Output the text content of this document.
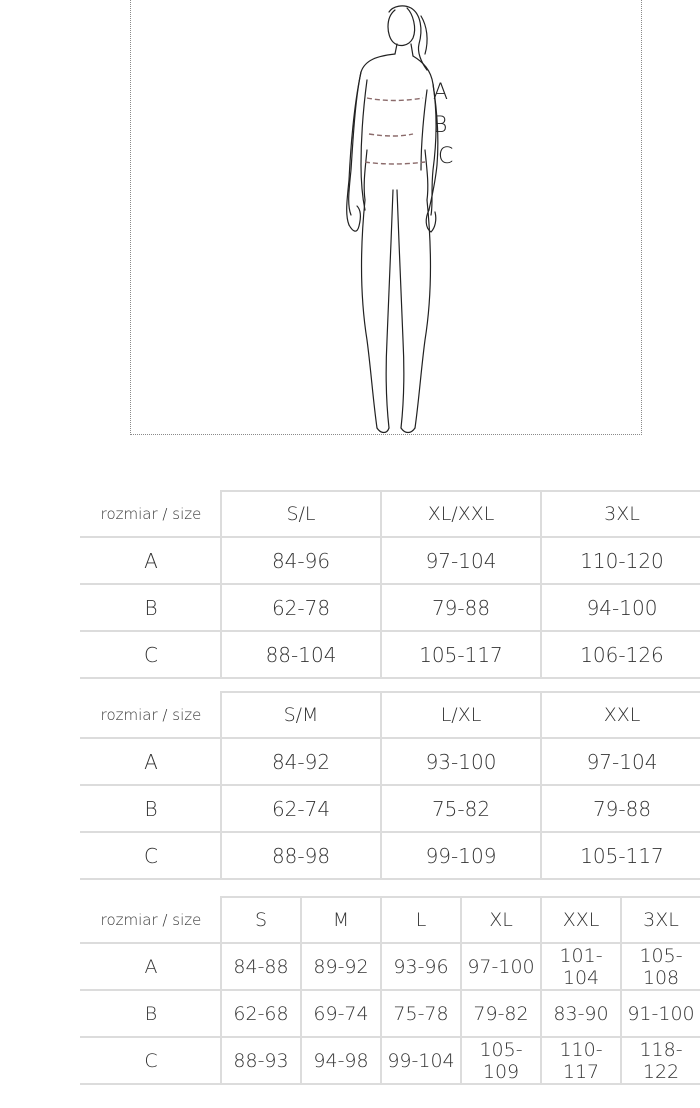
A
B
C
rozmiar / size	S/L	XL/XXL	3XL
A	84-96	97-104	110-120
B	62-78	79-88	94-100
C	88-104	105-117	106-126
rozmiar / size	S/M	L/XL	XXL
A	84-92	93-100	97-104
B	62-74	75-82	79-88
C	88-98	99-109	105-117
rozmiar / size	S	M	L	XL	XXL	3XL
A	84-88	89-92	93-96	97-100	101-104	105-108
B	62-68	69-74	75-78	79-82	83-90	91-100
C	88-93	94-98	99-104	105-109	110-117	118-122
